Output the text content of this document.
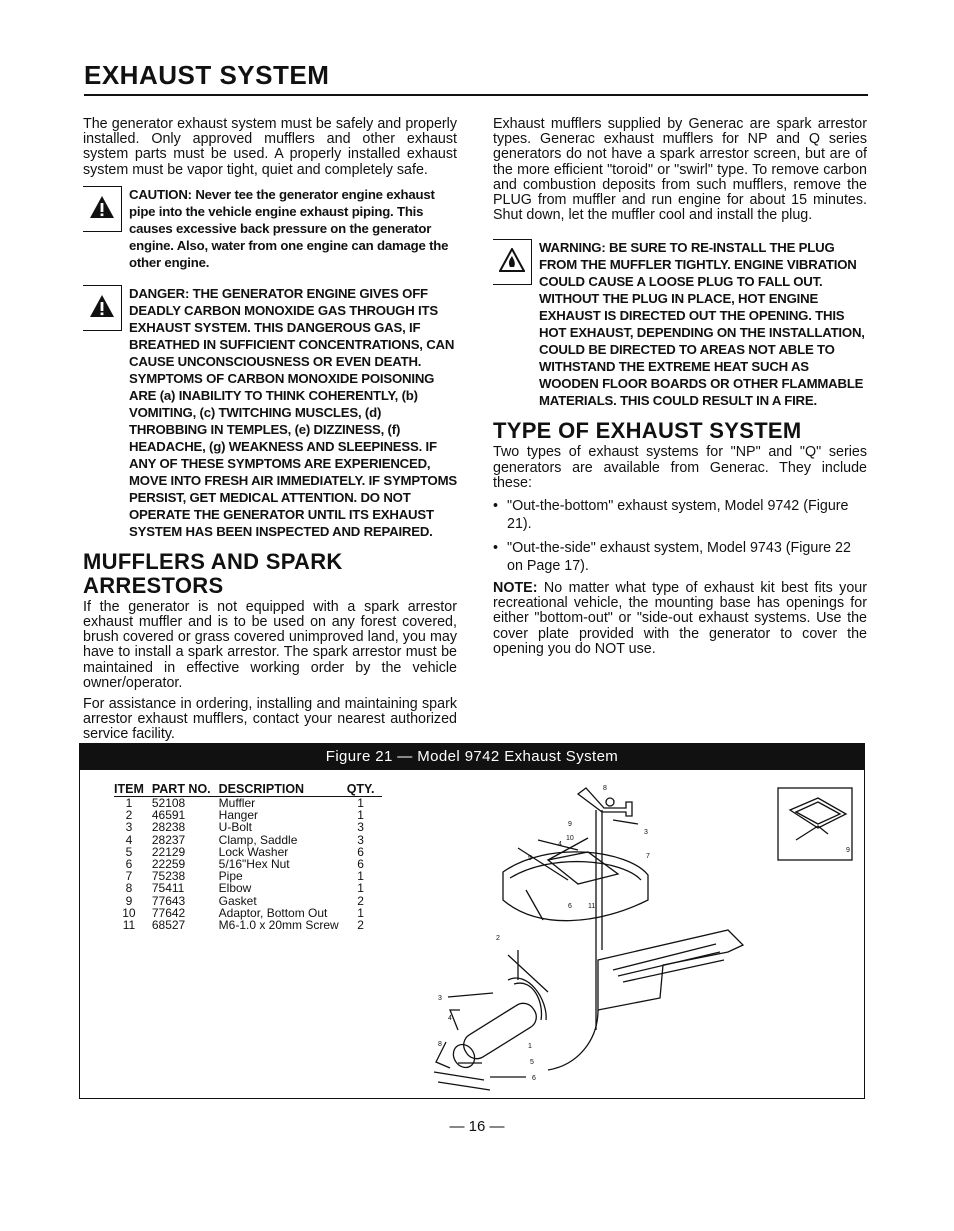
EXHAUST SYSTEM

The generator exhaust system must be safely and properly installed. Only approved mufflers and other exhaust system parts must be used. A properly installed exhaust system must be vapor tight, quiet and completely safe.

CAUTION: Never tee the generator engine exhaust pipe into the vehicle engine exhaust piping. This causes excessive back pressure on the generator engine. Also, water from one engine can damage the other engine.
DANGER: THE GENERATOR ENGINE GIVES OFF DEADLY CARBON MONOXIDE GAS THROUGH ITS EXHAUST SYSTEM. THIS DANGEROUS GAS, IF BREATHED IN SUFFICIENT CONCENTRATIONS, CAN CAUSE UNCONSCIOUSNESS OR EVEN DEATH. SYMPTOMS OF CARBON MONOXIDE POISONING ARE (a) INABILITY TO THINK COHERENTLY, (b) VOMITING, (c) TWITCHING MUSCLES, (d) THROBBING IN TEMPLES, (e) DIZZINESS, (f) HEADACHE, (g) WEAKNESS AND SLEEPINESS. IF ANY OF THESE SYMPTOMS ARE EXPERIENCED, MOVE INTO FRESH AIR IMMEDIATELY. IF SYMPTOMS PERSIST, GET MEDICAL ATTENTION. DO NOT OPERATE THE GENERATOR UNTIL ITS EXHAUST SYSTEM HAS BEEN INSPECTED AND REPAIRED.
MUFFLERS AND SPARK ARRESTORS

If the generator is not equipped with a spark arrestor exhaust muffler and is to be used on any forest covered, brush covered or grass covered unimproved land, you may have to install a spark arrestor. The spark arrestor must be maintained in effective working order by the vehicle owner/operator.

For assistance in ordering, installing and maintaining spark arrestor exhaust mufflers, contact your nearest authorized service facility.

Exhaust mufflers supplied by Generac are spark arrestor types. Generac exhaust mufflers for NP and Q series generators do not have a spark arrestor screen, but are of the more efficient "toroid" or "swirl" type. To remove carbon and combustion deposits from such mufflers, remove the PLUG from muffler and run engine for about 15 minutes. Shut down, let the muffler cool and install the plug.

WARNING: BE SURE TO RE-INSTALL THE PLUG FROM THE MUFFLER TIGHTLY. ENGINE VIBRATION COULD CAUSE A LOOSE PLUG TO FALL OUT. WITHOUT THE PLUG IN PLACE, HOT ENGINE EXHAUST IS DIRECTED OUT THE OPENING. THIS HOT EXHAUST, DEPENDING ON THE INSTALLATION, COULD BE DIRECTED TO AREAS NOT ABLE TO WITHSTAND THE EXTREME HEAT SUCH AS WOODEN FLOOR BOARDS OR OTHER FLAMMABLE MATERIALS. THIS COULD RESULT IN A FIRE.
TYPE OF EXHAUST SYSTEM

Two types of exhaust systems for "NP" and "Q" series generators are available from Generac. They include these:

• "Out-the-bottom" exhaust system, Model 9742 (Figure 21).
• "Out-the-side" exhaust system, Model 9743 (Figure 22 on Page 17).

NOTE: No matter what type of exhaust kit best fits your recreational vehicle, the mounting base has openings for either "bottom-out" or "side-out exhaust systems. Use the cover plate provided with the generator to cover the opening you do NOT use.

Figure 21 — Model 9742 Exhaust System
ITEM	PART NO.	DESCRIPTION	QTY.
1	52108	Muffler	1
2	46591	Hanger	1
3	28238	U-Bolt	3
4	28237	Clamp, Saddle	3
5	22129	Lock Washer	6
6	22259	5/16"Hex Nut	6
7	75238	Pipe	1
8	75411	Elbow	1
9	77643	Gasket	2
10	77642	Adaptor, Bottom Out	1
11	68527	M6-1.0 x 20mm Screw	2
9
10
4
5
8
3
7
6 11
9
2
3
4
8	1
5
6
— 16 —
